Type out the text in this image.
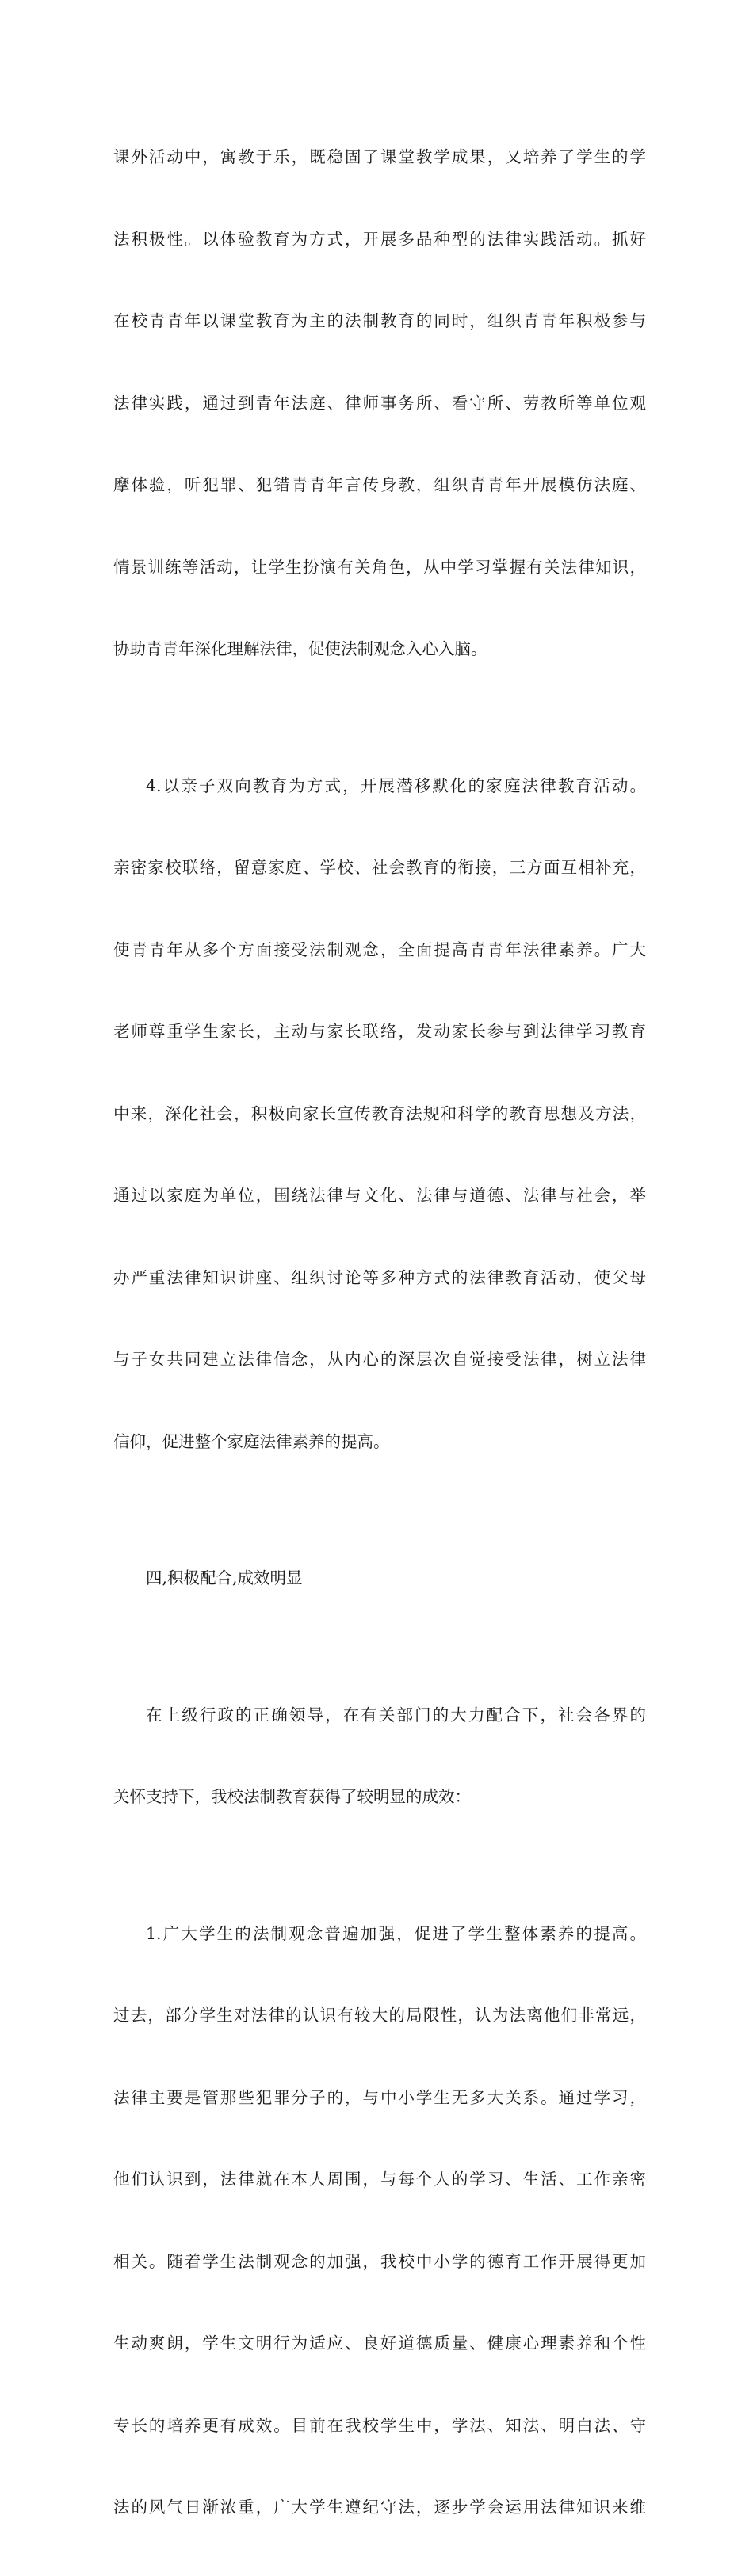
课外活动中，寓教于乐，既稳固了课堂教学成果，又培养了学生的学

法积极性。以体验教育为方式，开展多品种型的法律实践活动。抓好

在校青青年以课堂教育为主的法制教育的同时，组织青青年积极参与

法律实践，通过到青年法庭、律师事务所、看守所、劳教所等单位观

摩体验，听犯罪、犯错青青年言传身教，组织青青年开展模仿法庭、

情景训练等活动，让学生扮演有关角色，从中学习掌握有关法律知识，

协助青青年深化理解法律，促使法制观念入心入脑。

4.以亲子双向教育为方式，开展潜移默化的家庭法律教育活动。

亲密家校联络，留意家庭、学校、社会教育的衔接，三方面互相补充，

使青青年从多个方面接受法制观念，全面提高青青年法律素养。广大

老师尊重学生家长，主动与家长联络，发动家长参与到法律学习教育

中来，深化社会，积极向家长宣传教育法规和科学的教育思想及方法，

通过以家庭为单位，围绕法律与文化、法律与道德、法律与社会，举

办严重法律知识讲座、组织讨论等多种方式的法律教育活动，使父母

与子女共同建立法律信念，从内心的深层次自觉接受法律，树立法律

信仰，促进整个家庭法律素养的提高。

四,积极配合,成效明显

在上级行政的正确领导，在有关部门的大力配合下，社会各界的

关怀支持下，我校法制教育获得了较明显的成效：

1.广大学生的法制观念普遍加强，促进了学生整体素养的提高。

过去，部分学生对法律的认识有较大的局限性，认为法离他们非常远，

法律主要是管那些犯罪分子的，与中小学生无多大关系。通过学习，

他们认识到，法律就在本人周围，与每个人的学习、生活、工作亲密

相关。随着学生法制观念的加强，我校中小学的德育工作开展得更加

生动爽朗，学生文明行为适应、良好道德质量、健康心理素养和个性

专长的培养更有成效。目前在我校学生中，学法、知法、明白法、守

法的风气日渐浓重，广大学生遵纪守法，逐步学会运用法律知识来维
